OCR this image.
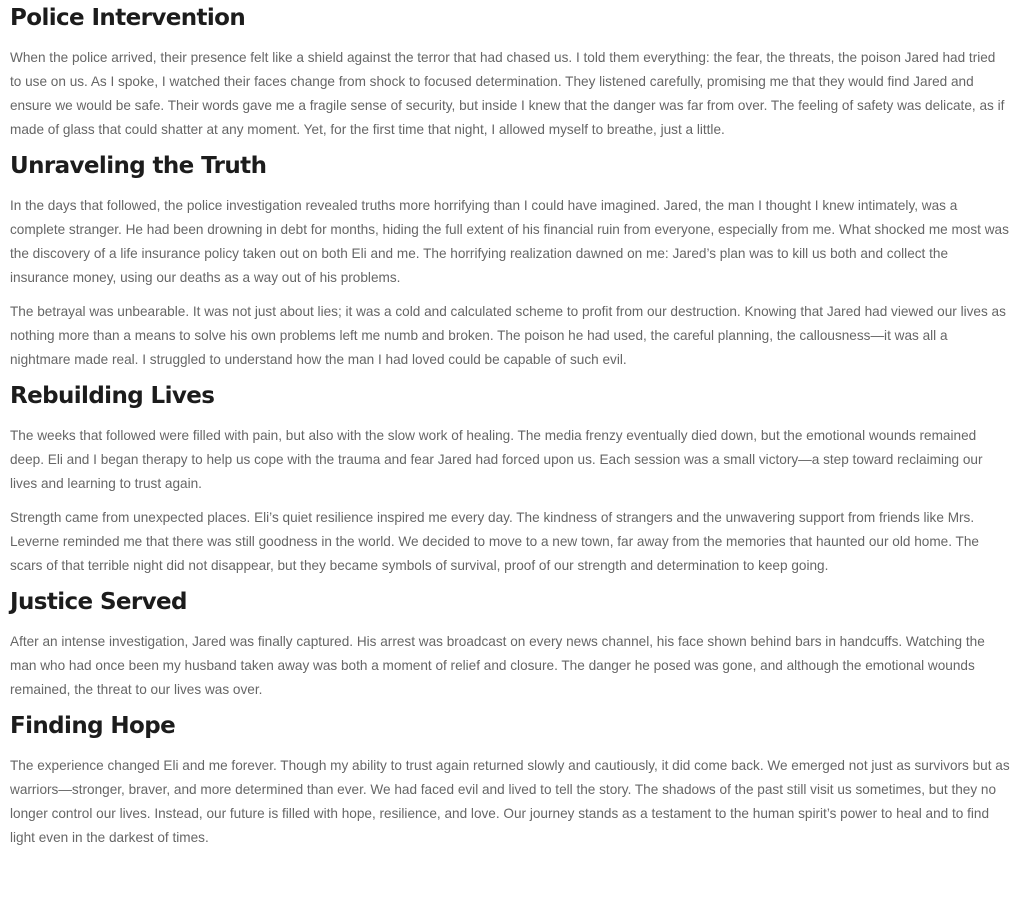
Police Intervention

When the police arrived, their presence felt like a shield against the terror that had chased us. I told them everything: the fear, the threats, the poison Jared had tried to use on us. As I spoke, I watched their faces change from shock to focused determination. They listened carefully, promising me that they would find Jared and ensure we would be safe. Their words gave me a fragile sense of security, but inside I knew that the danger was far from over. The feeling of safety was delicate, as if made of glass that could shatter at any moment. Yet, for the first time that night, I allowed myself to breathe, just a little.

Unraveling the Truth

In the days that followed, the police investigation revealed truths more horrifying than I could have imagined. Jared, the man I thought I knew intimately, was a complete stranger. He had been drowning in debt for months, hiding the full extent of his financial ruin from everyone, especially from me. What shocked me most was the discovery of a life insurance policy taken out on both Eli and me. The horrifying realization dawned on me: Jared’s plan was to kill us both and collect the insurance money, using our deaths as a way out of his problems.

The betrayal was unbearable. It was not just about lies; it was a cold and calculated scheme to profit from our destruction. Knowing that Jared had viewed our lives as nothing more than a means to solve his own problems left me numb and broken. The poison he had used, the careful planning, the callousness—it was all a nightmare made real. I struggled to understand how the man I had loved could be capable of such evil.

Rebuilding Lives

The weeks that followed were filled with pain, but also with the slow work of healing. The media frenzy eventually died down, but the emotional wounds remained deep. Eli and I began therapy to help us cope with the trauma and fear Jared had forced upon us. Each session was a small victory—a step toward reclaiming our lives and learning to trust again.

Strength came from unexpected places. Eli’s quiet resilience inspired me every day. The kindness of strangers and the unwavering support from friends like Mrs. Leverne reminded me that there was still goodness in the world. We decided to move to a new town, far away from the memories that haunted our old home. The scars of that terrible night did not disappear, but they became symbols of survival, proof of our strength and determination to keep going.

Justice Served

After an intense investigation, Jared was finally captured. His arrest was broadcast on every news channel, his face shown behind bars in handcuffs. Watching the man who had once been my husband taken away was both a moment of relief and closure. The danger he posed was gone, and although the emotional wounds remained, the threat to our lives was over.

Finding Hope

The experience changed Eli and me forever. Though my ability to trust again returned slowly and cautiously, it did come back. We emerged not just as survivors but as warriors—stronger, braver, and more determined than ever. We had faced evil and lived to tell the story. The shadows of the past still visit us sometimes, but they no longer control our lives. Instead, our future is filled with hope, resilience, and love. Our journey stands as a testament to the human spirit’s power to heal and to find light even in the darkest of times.
